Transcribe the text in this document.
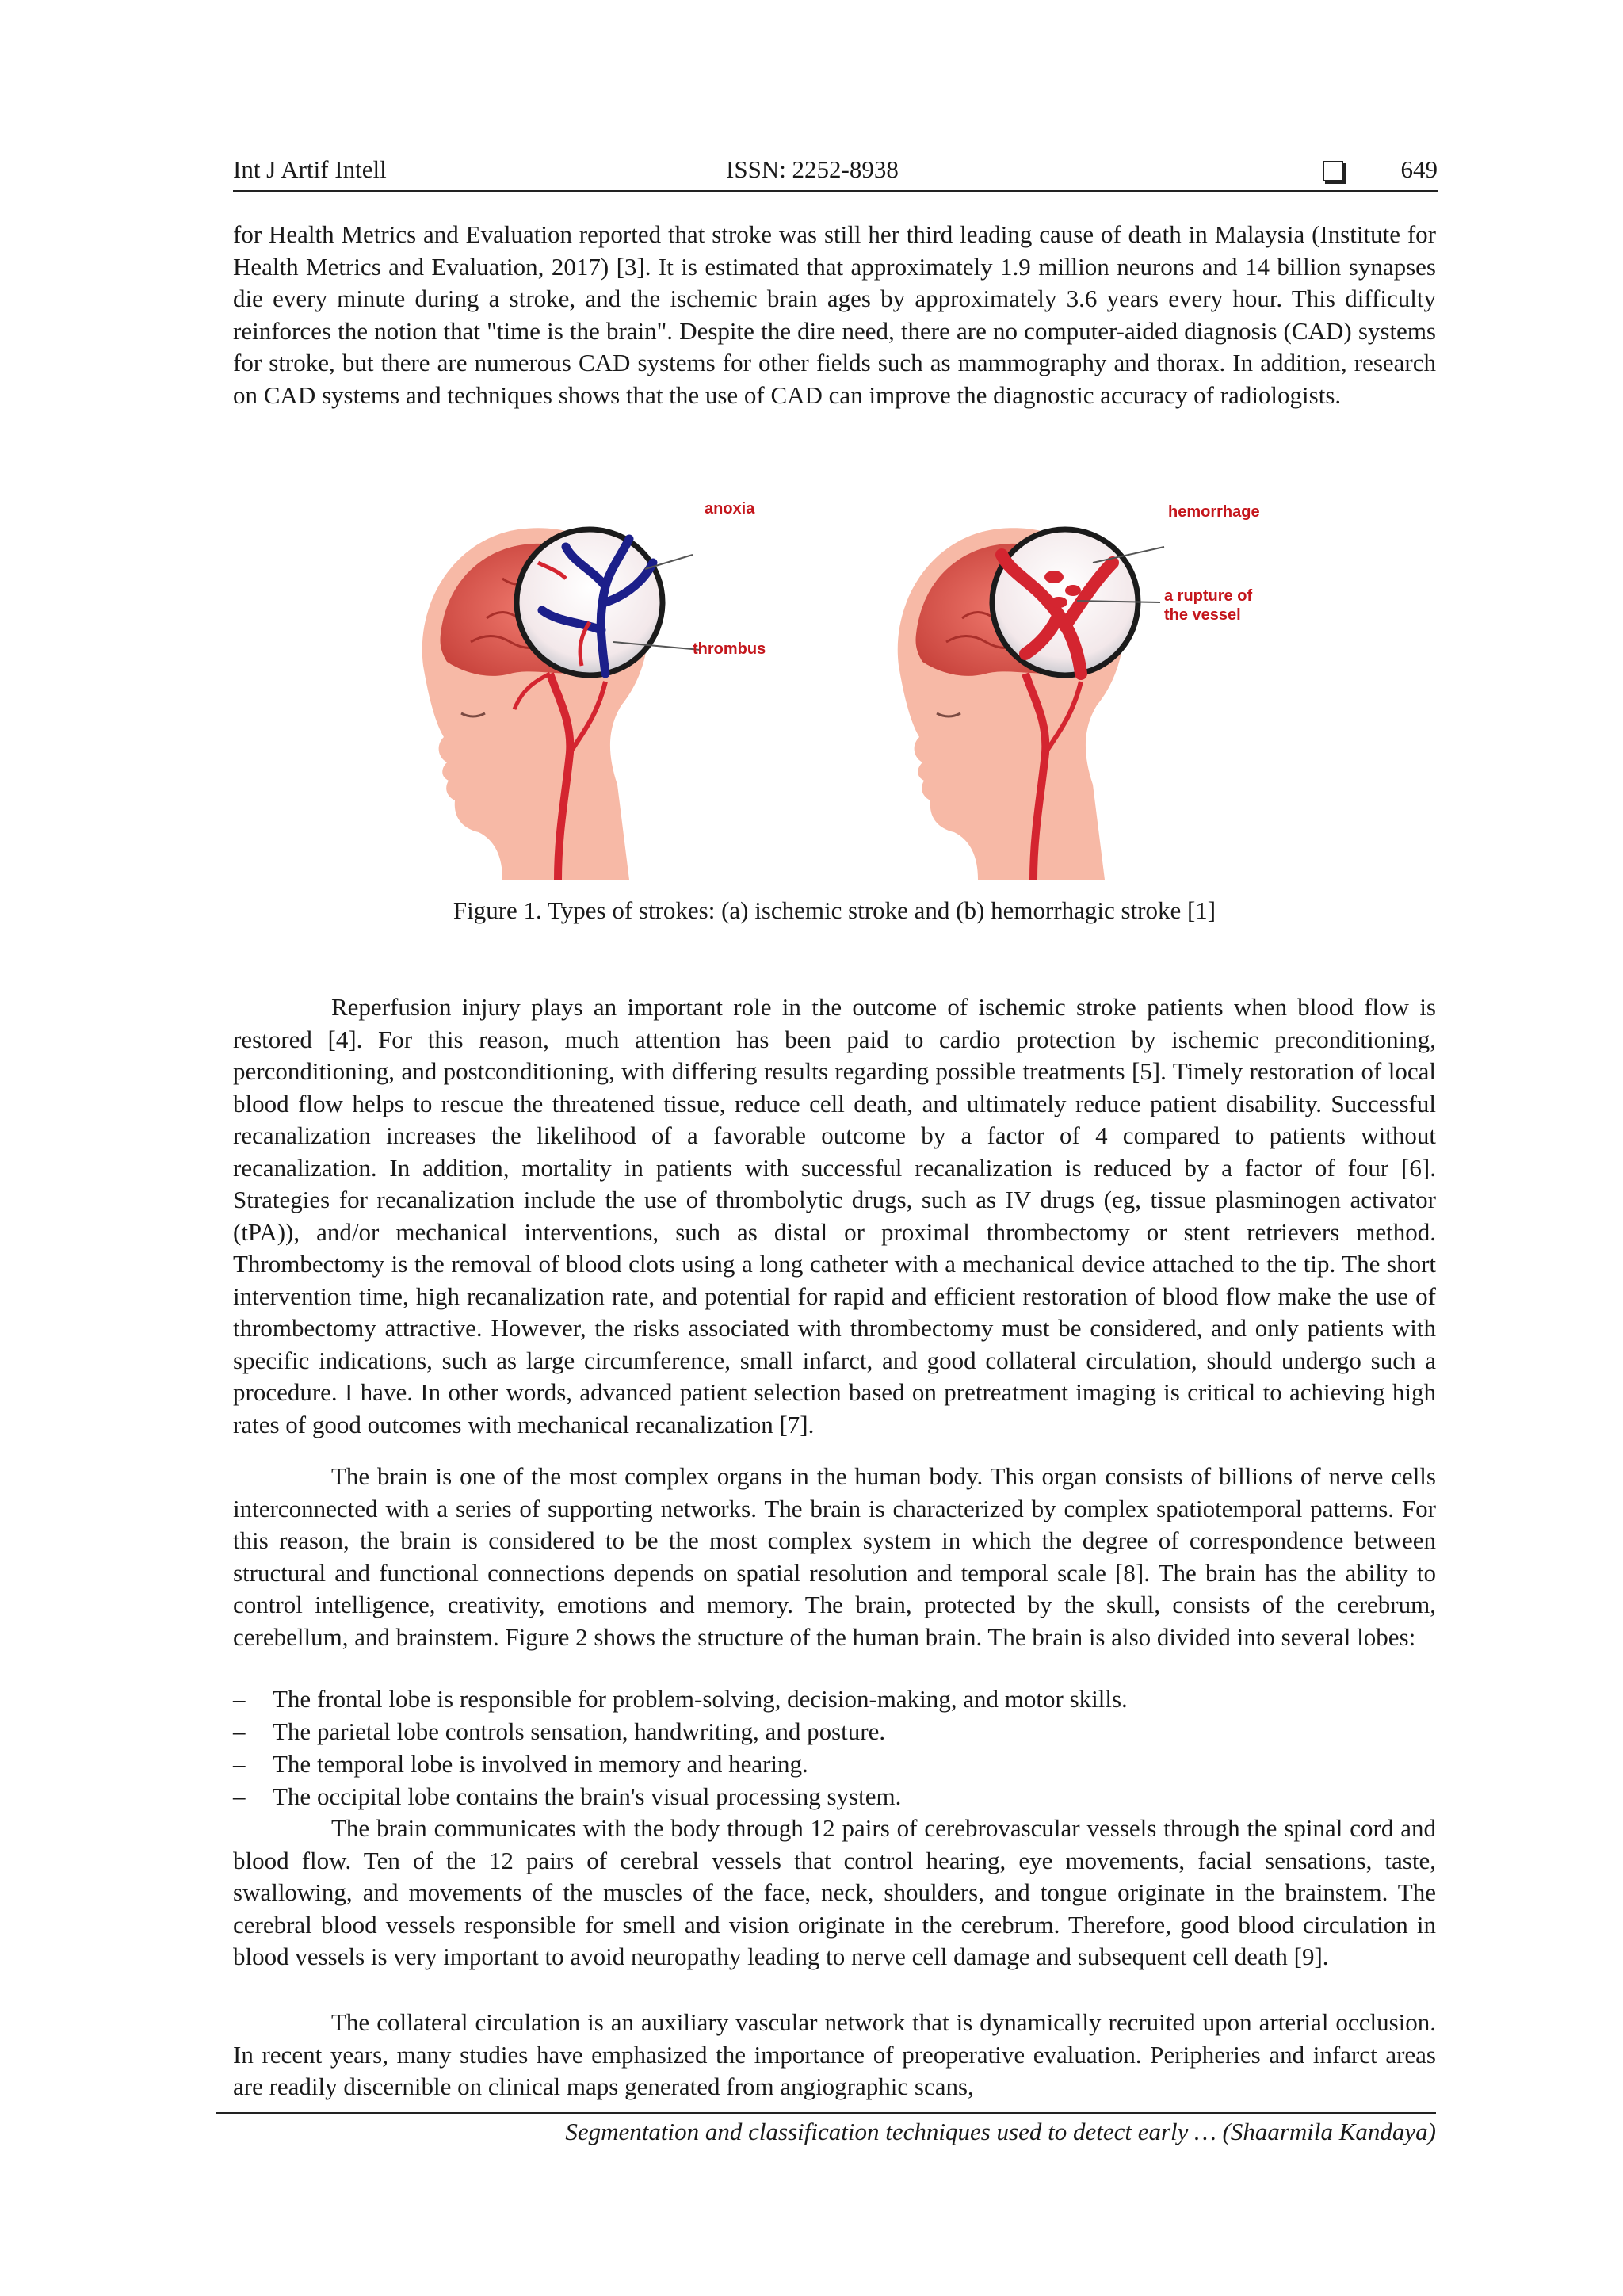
Int J Artif Intell	ISSN: 2252-8938	649

for Health Metrics and Evaluation reported that stroke was still her third leading cause of death in Malaysia (Institute for Health Metrics and Evaluation, 2017) [3]. It is estimated that approximately 1.9 million neurons and 14 billion synapses die every minute during a stroke, and the ischemic brain ages by approximately 3.6 years every hour. This difficulty reinforces the notion that "time is the brain". Despite the dire need, there are no computer-aided diagnosis (CAD) systems for stroke, but there are numerous CAD systems for other fields such as mammography and thorax. In addition, research on CAD systems and techniques shows that the use of CAD can improve the diagnostic accuracy of radiologists.

anoxia
thrombus
hemorrhage
a rupture of
the vessel
Figure 1. Types of strokes: (a) ischemic stroke and (b) hemorrhagic stroke [1]

Reperfusion injury plays an important role in the outcome of ischemic stroke patients when blood flow is restored [4]. For this reason, much attention has been paid to cardio protection by ischemic preconditioning, perconditioning, and postconditioning, with differing results regarding possible treatments [5]. Timely restoration of local blood flow helps to rescue the threatened tissue, reduce cell death, and ultimately reduce patient disability. Successful recanalization increases the likelihood of a favorable outcome by a factor of 4 compared to patients without recanalization. In addition, mortality in patients with successful recanalization is reduced by a factor of four [6]. Strategies for recanalization include the use of thrombolytic drugs, such as IV drugs (eg, tissue plasminogen activator (tPA)), and/or mechanical interventions, such as distal or proximal thrombectomy or stent retrievers method. Thrombectomy is the removal of blood clots using a long catheter with a mechanical device attached to the tip. The short intervention time, high recanalization rate, and potential for rapid and efficient restoration of blood flow make the use of thrombectomy attractive. However, the risks associated with thrombectomy must be considered, and only patients with specific indications, such as large circumference, small infarct, and good collateral circulation, should undergo such a procedure. I have. In other words, advanced patient selection based on pretreatment imaging is critical to achieving high rates of good outcomes with mechanical recanalization [7].

The brain is one of the most complex organs in the human body. This organ consists of billions of nerve cells interconnected with a series of supporting networks. The brain is characterized by complex spatiotemporal patterns. For this reason, the brain is considered to be the most complex system in which the degree of correspondence between structural and functional connections depends on spatial resolution and temporal scale [8]. The brain has the ability to control intelligence, creativity, emotions and memory. The brain, protected by the skull, consists of the cerebrum, cerebellum, and brainstem. Figure 2 shows the structure of the human brain. The brain is also divided into several lobes:

– The frontal lobe is responsible for problem-solving, decision-making, and motor skills.
– The parietal lobe controls sensation, handwriting, and posture.
– The temporal lobe is involved in memory and hearing.
– The occipital lobe contains the brain's visual processing system.

The brain communicates with the body through 12 pairs of cerebrovascular vessels through the spinal cord and blood flow. Ten of the 12 pairs of cerebral vessels that control hearing, eye movements, facial sensations, taste, swallowing, and movements of the muscles of the face, neck, shoulders, and tongue originate in the brainstem. The cerebral blood vessels responsible for smell and vision originate in the cerebrum. Therefore, good blood circulation in blood vessels is very important to avoid neuropathy leading to nerve cell damage and subsequent cell death [9].

The collateral circulation is an auxiliary vascular network that is dynamically recruited upon arterial occlusion. In recent years, many studies have emphasized the importance of preoperative evaluation. Peripheries and infarct areas are readily discernible on clinical maps generated from angiographic scans,

Segmentation and classification techniques used to detect early … (Shaarmila Kandaya)
